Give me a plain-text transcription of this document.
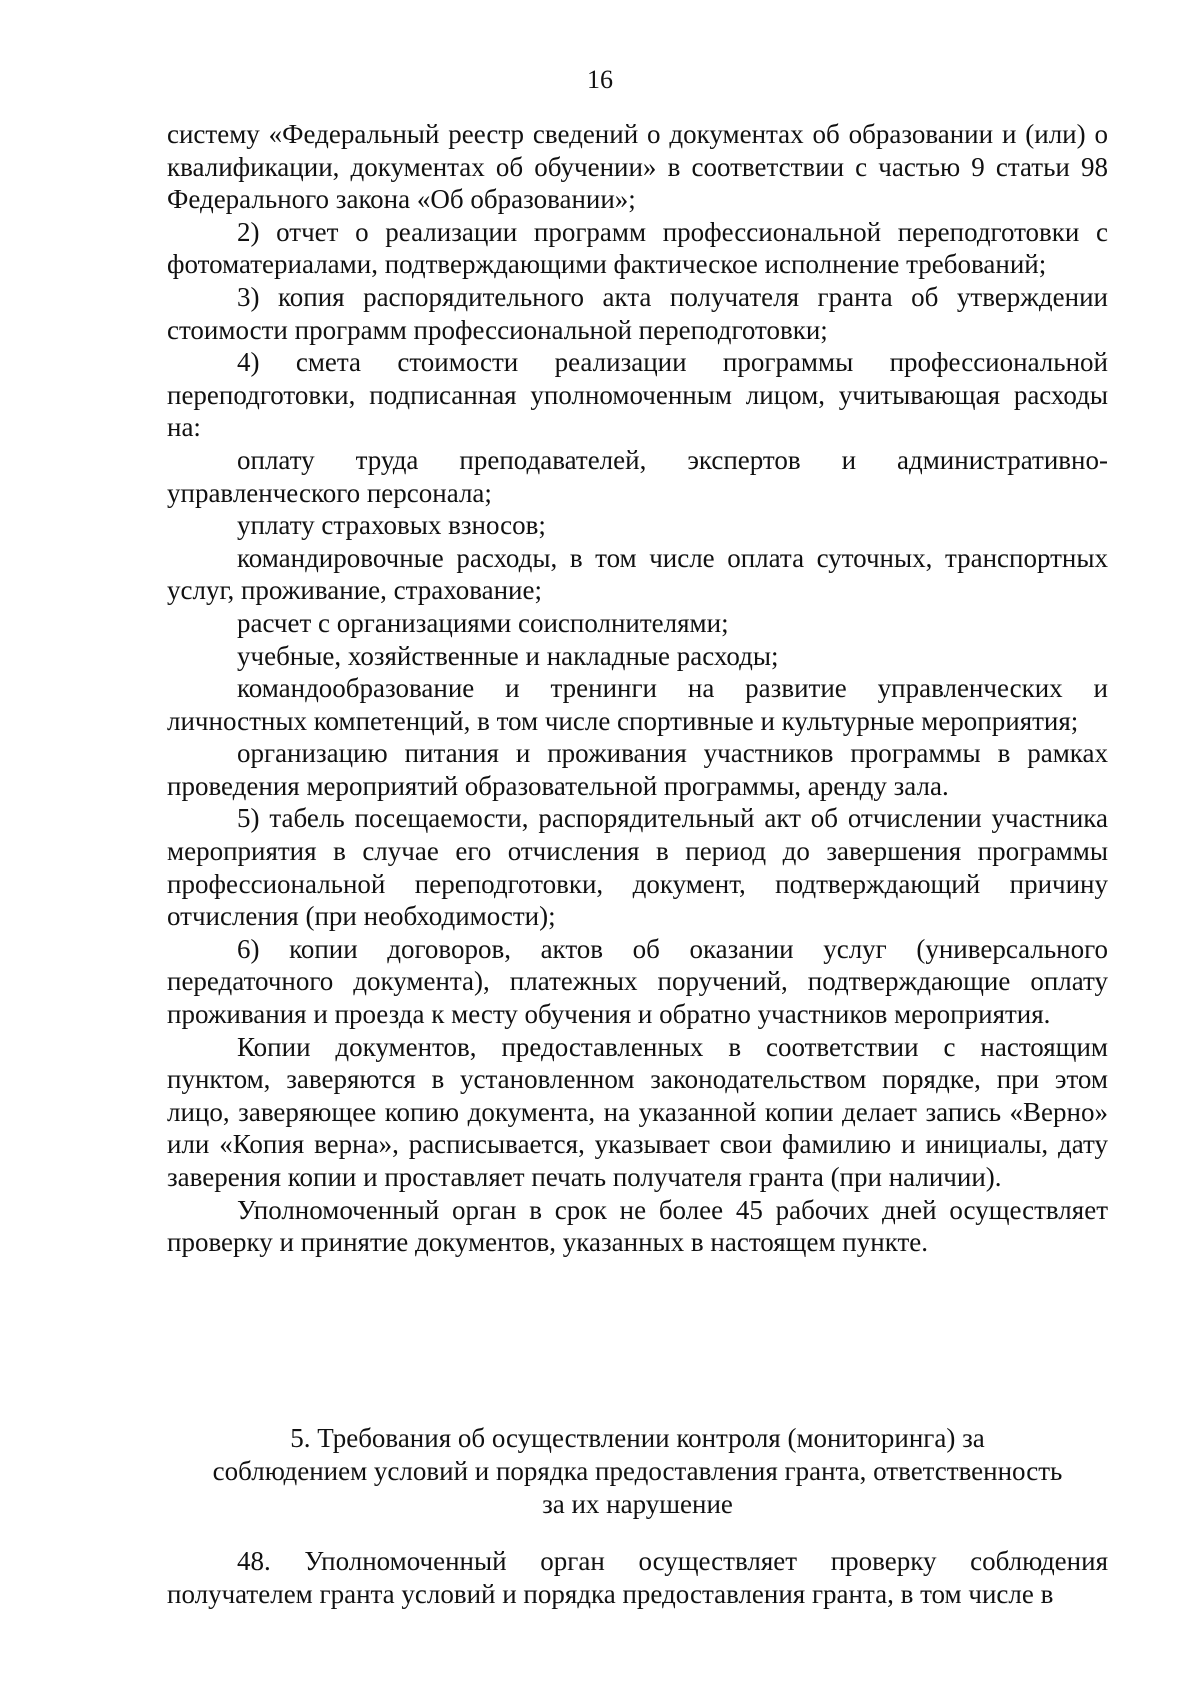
16

систему «Федеральный реестр сведений о документах об образовании и (или) о квалификации, документах об обучении» в соответствии с частью 9 статьи 98 Федерального закона «Об образовании»;

2) отчет о реализации программ профессиональной переподготовки с фотоматериалами, подтверждающими фактическое исполнение требований;

3) копия распорядительного акта получателя гранта об утверждении стоимости программ профессиональной переподготовки;

4) смета стоимости реализации программы профессиональной переподготовки, подписанная уполномоченным лицом, учитывающая расходы на:

оплату труда преподавателей, экспертов и административно-управленческого персонала;

уплату страховых взносов;

командировочные расходы, в том числе оплата суточных, транспортных услуг, проживание, страхование;

расчет с организациями соисполнителями;

учебные, хозяйственные и накладные расходы;

командообразование и тренинги на развитие управленческих и личностных компетенций, в том числе спортивные и культурные мероприятия;

организацию питания и проживания участников программы в рамках проведения мероприятий образовательной программы, аренду зала.

5) табель посещаемости, распорядительный акт об отчислении участника мероприятия в случае его отчисления в период до завершения программы профессиональной переподготовки, документ, подтверждающий причину отчисления (при необходимости);

6) копии договоров, актов об оказании услуг (универсального передаточного документа), платежных поручений, подтверждающие оплату проживания и проезда к месту обучения и обратно участников мероприятия.

Копии документов, предоставленных в соответствии с настоящим пунктом, заверяются в установленном законодательством порядке, при этом лицо, заверяющее копию документа, на указанной копии делает запись «Верно» или «Копия верна», расписывается, указывает свои фамилию и инициалы, дату заверения копии и проставляет печать получателя гранта (при наличии).

Уполномоченный орган в срок не более 45 рабочих дней осуществляет проверку и принятие документов, указанных в настоящем пункте.

5. Требования об осуществлении контроля (мониторинга) за
соблюдением условий и порядка предоставления гранта, ответственность
за их нарушение

48. Уполномоченный орган осуществляет проверку соблюдения получателем гранта условий и порядка предоставления гранта, в том числе в
